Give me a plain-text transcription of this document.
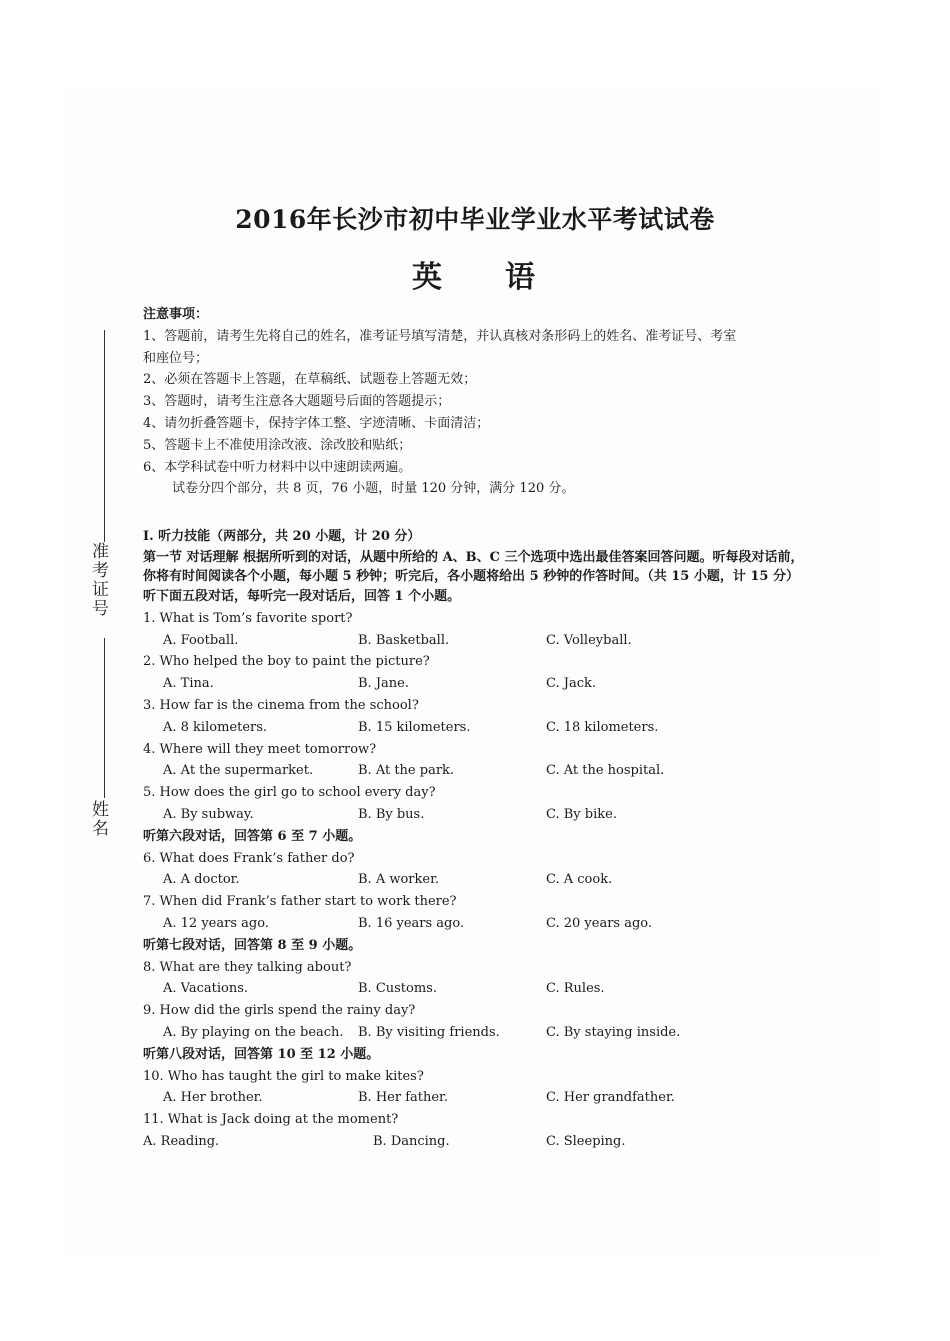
2016年长沙市初中毕业学业水平考试试卷
英 语
准考证号
姓名
注意事项：
1、答题前，请考生先将自己的姓名，准考证号填写清楚，并认真核对条形码上的姓名、准考证号、考室
和座位号；
2、必须在答题卡上答题，在草稿纸、试题卷上答题无效；
3、答题时，请考生注意各大题题号后面的答题提示；
4、请勿折叠答题卡，保持字体工整、字迹清晰、卡面清洁；
5、答题卡上不准使用涂改液、涂改胶和贴纸；
6、本学科试卷中听力材料中以中速朗读两遍。
试卷分四个部分，共 8 页，76 小题，时量 120 分钟，满分 120 分。
I. 听力技能（两部分，共 20 小题，计 20 分）
第一节 对话理解 根据所听到的对话，从题中所给的 A、B、C 三个选项中选出最佳答案回答问题。听每段对话前，你将有时间阅读各个小题，每小题 5 秒钟；听完后，各小题将给出 5 秒钟的作答时间。（共 15 小题，计 15 分）
听下面五段对话，每听完一段对话后，回答 1 个小题。
1. What is Tom’s favorite sport?
A. Football.	B. Basketball.	C. Volleyball.
2. Who helped the boy to paint the picture?
A. Tina.	B. Jane.	C. Jack.
3. How far is the cinema from the school?
A. 8 kilometers.	B. 15 kilometers.	C. 18 kilometers.
4. Where will they meet tomorrow?
A. At the supermarket.	B. At the park.	C. At the hospital.
5. How does the girl go to school every day?
A. By subway.	B. By bus.	C. By bike.
听第六段对话，回答第 6 至 7 小题。
6. What does Frank’s father do?
A. A doctor.	B. A worker.	C. A cook.
7. When did Frank’s father start to work there?
A. 12 years ago.	B. 16 years ago.	C. 20 years ago.
听第七段对话，回答第 8 至 9 小题。
8. What are they talking about?
A. Vacations.	B. Customs.	C. Rules.
9. How did the girls spend the rainy day?
A. By playing on the beach. B. By visiting friends.	C. By staying inside.
听第八段对话，回答第 10 至 12 小题。
10. Who has taught the girl to make kites?
A. Her brother.	B. Her father.	C. Her grandfather.
11. What is Jack doing at the moment?
A. Reading.	B. Dancing.	C. Sleeping.
